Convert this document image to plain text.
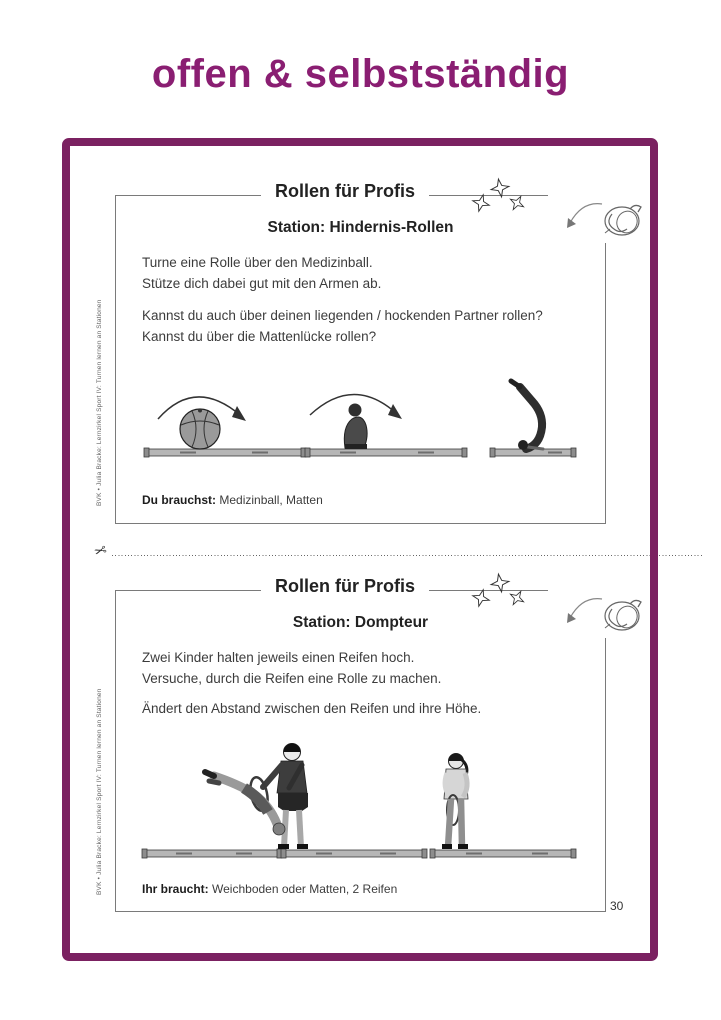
offen & selbstständig
Rollen für Profis
Station: Hindernis-Rollen
Turne eine Rolle über den Medizinball.
Stütze dich dabei gut mit den Armen ab.
Kannst du auch über deinen liegenden / hockenden Partner rollen?
Kannst du über die Mattenlücke rollen?
Du brauchst: Medizinball, Matten
✂
Rollen für Profis
Station: Dompteur
Zwei Kinder halten jeweils einen Reifen hoch.
Versuche, durch die Reifen eine Rolle zu machen.
Ändert den Abstand zwischen den Reifen und ihre Höhe.
Ihr braucht: Weichboden oder Matten, 2 Reifen
BVK • Julia Bracke: Lernzirkel Sport IV: Turnen lernen an Stationen
BVK • Julia Bracke: Lernzirkel Sport IV: Turnen lernen an Stationen
30
